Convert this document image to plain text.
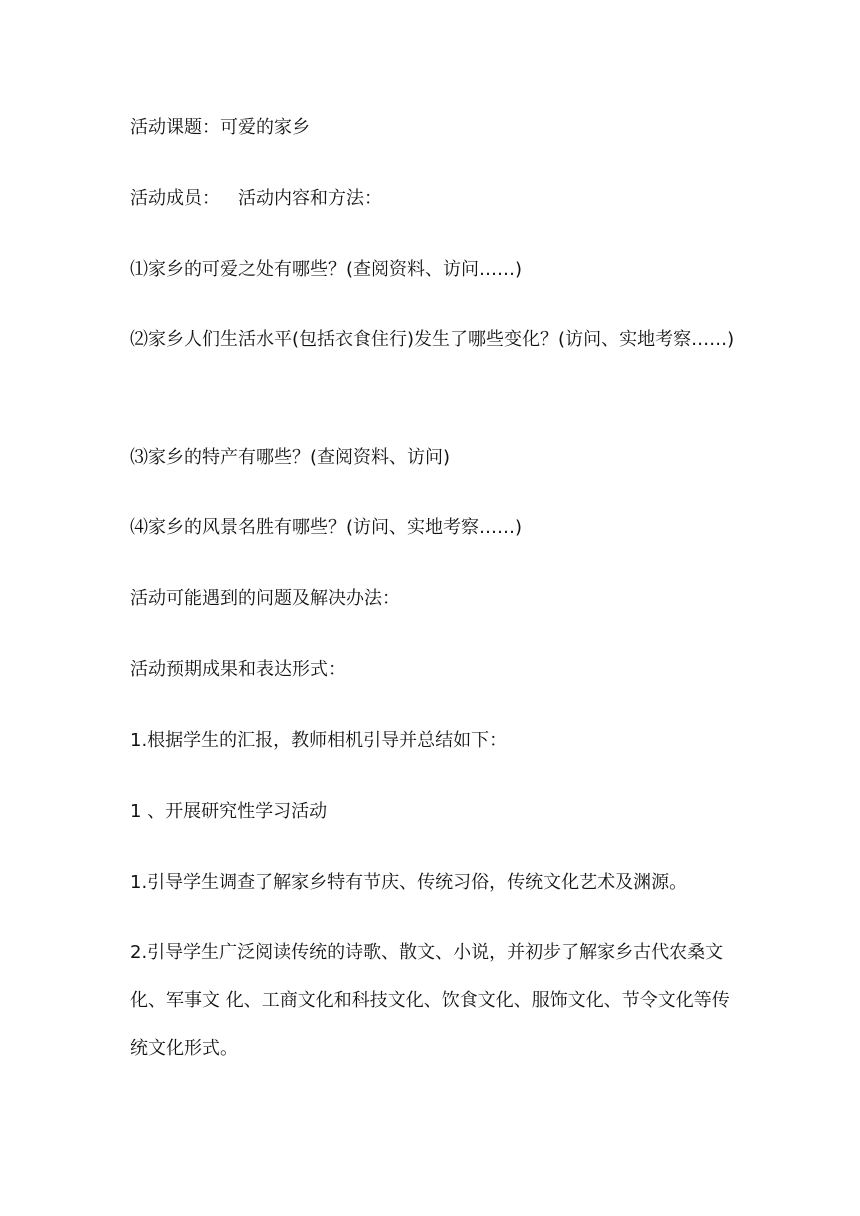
活动课题：可爱的家乡
活动成员： 活动内容和方法：
⑴家乡的可爱之处有哪些？(查阅资料、访问……)
⑵家乡人们生活水平(包括衣食住行)发生了哪些变化？(访问、实地考察……)
⑶家乡的特产有哪些？(查阅资料、访问)
⑷家乡的风景名胜有哪些？(访问、实地考察……)
活动可能遇到的问题及解决办法：
活动预期成果和表达形式：
1.根据学生的汇报，教师相机引导并总结如下：
1 、开展研究性学习活动
1.引导学生调查了解家乡特有节庆、传统习俗，传统文化艺术及渊源。
2.引导学生广泛阅读传统的诗歌、散文、小说，并初步了解家乡古代农桑文化、军事文 化、工商文化和科技文化、饮食文化、服饰文化、节令文化等传统文化形式。
